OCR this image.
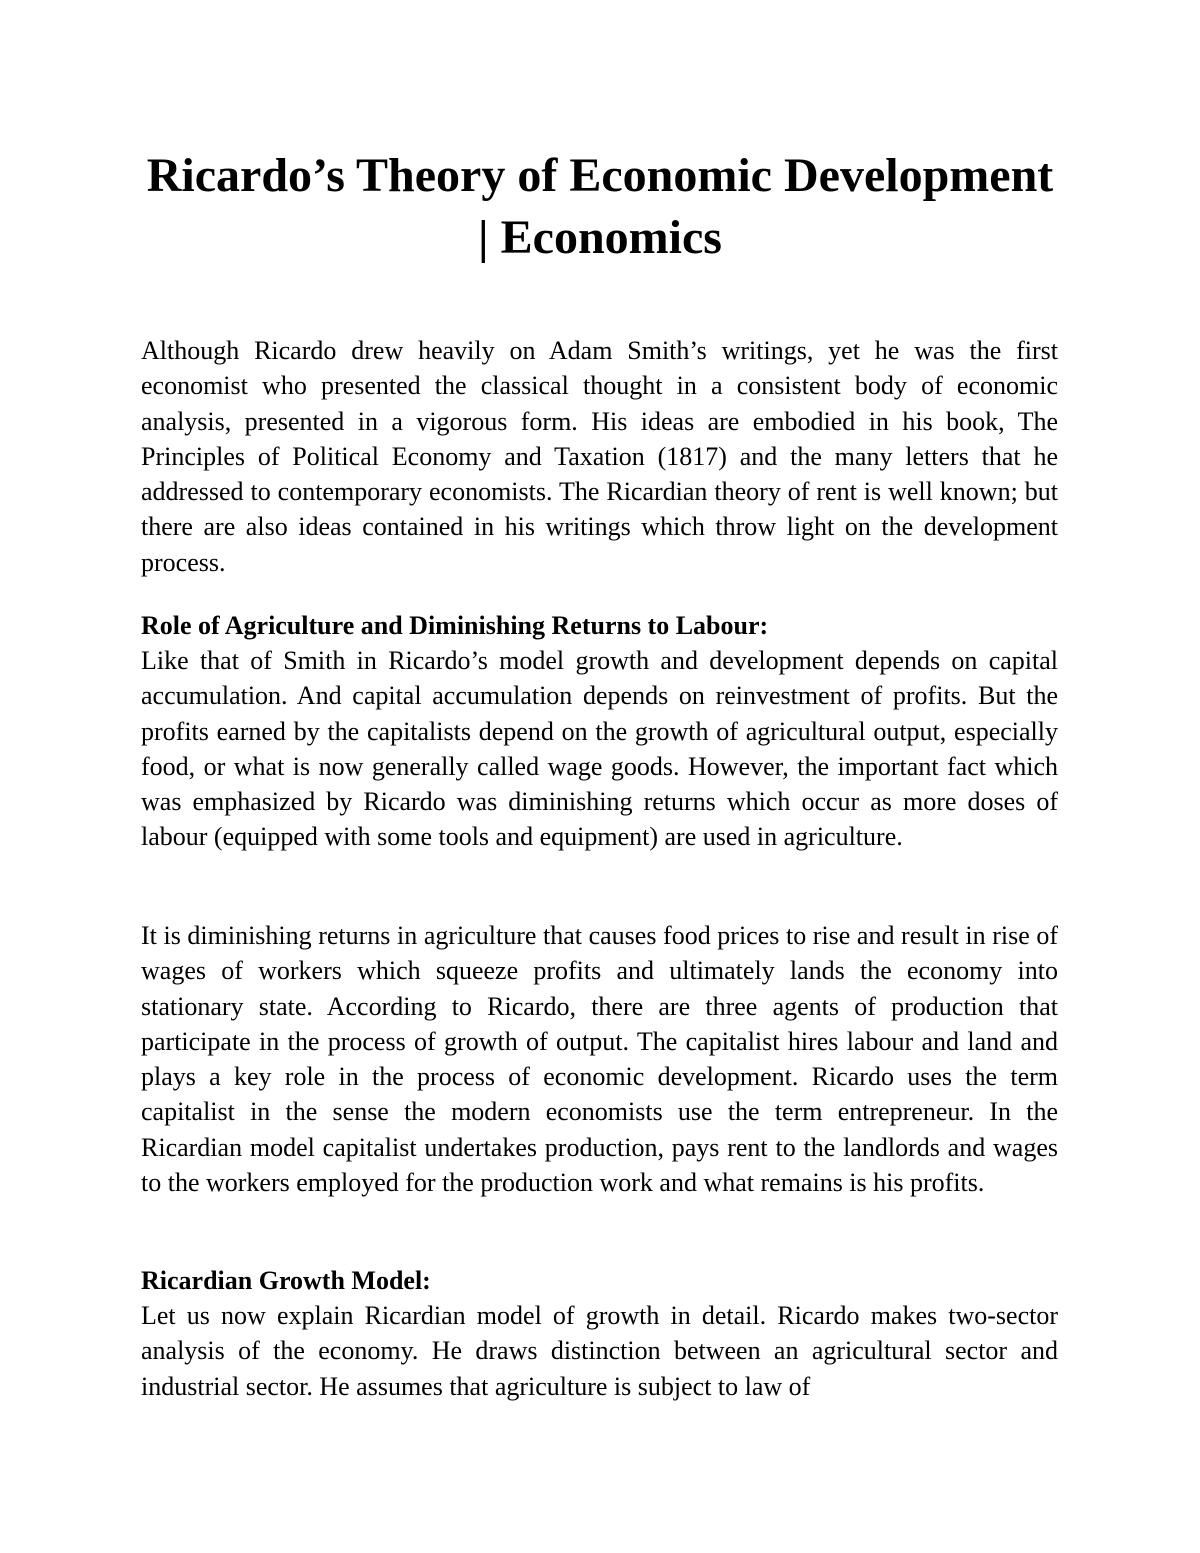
Ricardo’s Theory of Economic Development | Economics

Although Ricardo drew heavily on Adam Smith’s writings, yet he was the first economist who presented the classical thought in a consistent body of economic analysis, presented in a vigorous form. His ideas are embodied in his book, The Principles of Political Economy and Taxation (1817) and the many letters that he addressed to contemporary economists. The Ricardian theory of rent is well known; but there are also ideas contained in his writings which throw light on the development process.

Role of Agriculture and Diminishing Returns to Labour:

Like that of Smith in Ricardo’s model growth and development depends on capital accumulation. And capital accumulation depends on reinvestment of profits. But the profits earned by the capitalists depend on the growth of agricultural output, especially food, or what is now generally called wage goods. However, the important fact which was emphasized by Ricardo was diminishing returns which occur as more doses of labour (equipped with some tools and equipment) are used in agriculture.

It is diminishing returns in agriculture that causes food prices to rise and result in rise of wages of workers which squeeze profits and ultimately lands the economy into stationary state. According to Ricardo, there are three agents of production that participate in the process of growth of output. The capitalist hires labour and land and plays a key role in the process of economic development. Ricardo uses the term capitalist in the sense the modern economists use the term entrepreneur. In the Ricardian model capitalist undertakes production, pays rent to the landlords and wages to the workers employed for the production work and what remains is his profits.

Ricardian Growth Model:

Let us now explain Ricardian model of growth in detail. Ricardo makes two-sector analysis of the economy. He draws distinction between an agricultural sector and industrial sector. He assumes that agriculture is subject to law of
